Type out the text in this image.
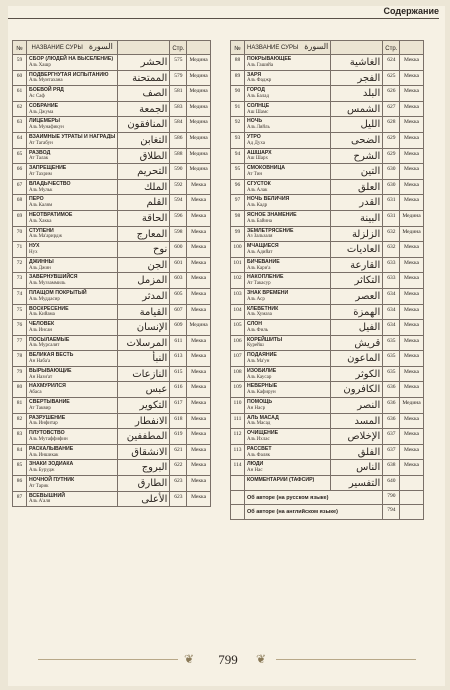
Содержание
№	НАЗВАНИЕ СУРЫ السورة		Стр.	
59	СБОР (ЛЮДЕЙ НА ВЫСЕЛЕНИЕ)
Аль Хашр	الحشر	575	Медина
60	ПОДВЕРГНУТАЯ ИСПЫТАНИЮ
Аль Мумтахана	الممتحنة	579	Медина
61	БОЕВОЙ РЯД
Ас Саф	الصف	581	Медина
62	СОБРАНИЕ
Аль Джума	الجمعة	583	Медина
63	ЛИЦЕМЕРЫ
Аль Мунафикун	المنافقون	584	Медина
64	ВЗАИМНЫЕ УТРАТЫ И НАГРАДЫ
Ат Тагабун	التغابن	586	Медина
65	РАЗВОД
Ат Талак	الطلاق	588	Медина
66	ЗАПРЕЩЕНИЕ
Ат Тахрим	التحريم	590	Медина
67	ВЛАДЫЧЕСТВО
Аль Мульк	الملك	592	Мекка
68	ПЕРО
Аль Калям	القلم	594	Мекка
69	НЕОТВРАТИМОЕ
Аль Хакка	الحاقة	596	Мекка
70	СТУПЕНИ
Аль Ма'арирдж	المعارج	598	Мекка
71	НУХ
Нух	نوح	600	Мекка
72	ДЖИННЫ
Аль Джин	الجن	601	Мекка
73	ЗАВЕРНУВШИЙСЯ
Аль Муззаммиль	المزمل	603	Мекка
74	ПЛАЩОМ ПОКРЫТЫЙ
Аль Муддасир	المدثر	605	Мекка
75	ВОСКРЕСЕНИЕ
Аль Кийама	القيامة	607	Мекка
76	ЧЕЛОВЕК
Аль Инсан	الإنسان	609	Медина
77	ПОСЫЛАЕМЫЕ
Аль Мурсалят	المرسلات	611	Мекка
78	ВЕЛИКАЯ ВЕСТЬ
Ан Наба'а	النبأ	613	Мекка
79	ВЫРЫВАЮЩИЕ
Ан Нази'ат	النازعات	615	Мекка
80	НАХМУРИЛСЯ
Абаса	عبس	616	Мекка
81	СВЕРТЫВАНИЕ
Ат Таквир	التكوير	617	Мекка
82	РАЗРУШЕНИЕ
Аль Инфитар	الانفطار	618	Мекка
83	ПЛУТОВСТВО
Аль Мутаффифин	المطففين	619	Мекка
84	РАСКАЛЫВАНИЕ
Аль Иншикак	الانشقاق	621	Мекка
85	ЗНАКИ ЗОДИАКА
Аль Бурудж	البروج	622	Мекка
86	НОЧНОЙ ПУТНИК
Ат Тарик	الطارق	623	Мекка
87	ВСЕВЫШНИЙ
Аль А'аля	الأعلى	623	Мекка
№	НАЗВАНИЕ СУРЫ السورة		Стр.	
88	ПОКРЫВАЮЩЕЕ
Аль Гашийа	الغاشية	624	Мекка
89	ЗАРЯ
Аль Фаджр	الفجر	625	Мекка
90	ГОРОД
Аль Балад	البلد	626	Мекка
91	СОЛНЦЕ
Аш Шамс	الشمس	627	Мекка
92	НОЧЬ
Аль Ляйль	الليل	628	Мекка
93	УТРО
Ад Духа	الضحى	629	Мекка
94	АШШАРХ
Аш Шарх	الشرح	629	Мекка
95	СМОКОВНИЦА
Ат Тин	التين	630	Мекка
96	СГУСТОК
Аль Алак	العلق	630	Мекка
97	НОЧЬ ВЕЛИЧИЯ
Аль Кадр	القدر	631	Мекка
98	ЯСНОЕ ЗНАМЕНИЕ
Аль Байина	البينة	631	Медина
99	ЗЕМЛЕТРЯСЕНИЕ
Аз Зальзаля	الزلزلة	632	Медина
100	МЧАЩИЕСЯ
Аль Адийат	العاديات	632	Мекка
101	БИЧЕВАНИЕ
Аль Кари'а	القارعة	633	Мекка
102	НАКОПЛЕНИЕ
Ат Такасур	التكاثر	633	Мекка
103	ЗНАК ВРЕМЕНИ
Аль Аср	العصر	634	Мекка
104	КЛЕВЕТНИК
Аль Хумаза	الهمزة	634	Мекка
105	СЛОН
Аль Филь	الفيل	634	Мекка
106	КОРЕЙШИТЫ
Курейш	قريش	635	Мекка
107	ПОДАЯНИЕ
Аль Ма'ун	الماعون	635	Мекка
108	ИЗОБИЛИЕ
Аль Каусар	الكوثر	635	Мекка
109	НЕВЕРНЫЕ
Аль Кафирун	الكافرون	636	Мекка
110	ПОМОЩЬ
Ан Наср	النصر	636	Медина
111	АЛЬ МАСАД
Аль Масад	المسد	636	Мекка
112	ОЧИЩЕНИЕ
Аль Ихлас	الإخلاص	637	Мекка
113	РАССВЕТ
Аль Фаляк	الفلق	637	Мекка
114	ЛЮДИ
Ан Нас	الناس	638	Мекка

	КОММЕНТАРИИ (ТАФСИР)	التفسير	640	
	Об авторе (на русском языке)		790	
	Об авторе (на английском языке)		794	
❦	799	❦
